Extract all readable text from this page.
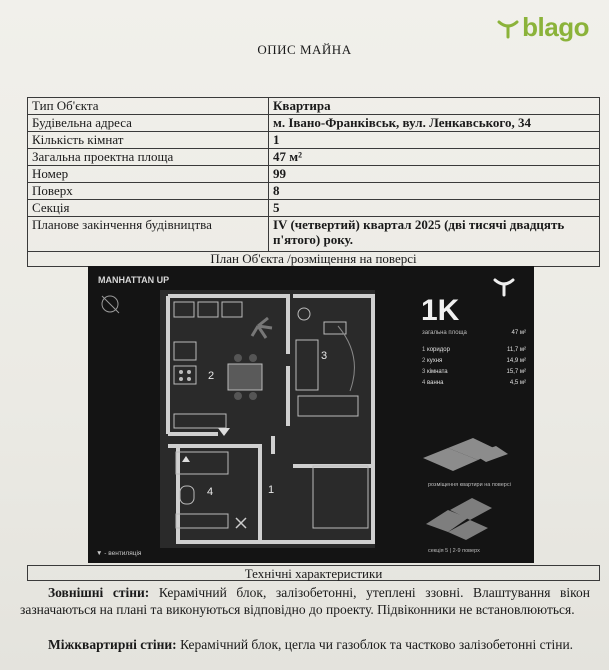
blago
ОПИС МАЙНА
Тип Об'єкта	Квартира
Будівельна адреса	м. Івано-Франківськ, вул. Ленкавського, 34
Кількість кімнат	1
Загальна проектна площа	47 м²
Номер	99
Поверх	8
Секція	5
Планове закінчення будівництва	IV (четвертий) квартал 2025 (дві тисячі двадцять п'ятого) року.
План Об'єкта /розміщення на поверсі
MANHATTAN UP
2
3
4	1
1K
загальна площа	47 м²
1 коридор	11,7 м²
2 кухня	14,9 м²
3 кімната	15,7 м²
4 ванна	4,5 м²
розміщення квартири на поверсі
секція 5 | 2-9 поверх
▼ - вентиляція
Технічні характеристики
Зовнішні стіни: Керамічний блок, залізобетонні, утеплені ззовні. Влаштування вікон зазначаються на плані та виконуються відповідно до проекту. Підвіконники не встановлюються.
Міжквартирні стіни: Керамічний блок, цегла чи газоблок та частково залізобетонні стіни.
